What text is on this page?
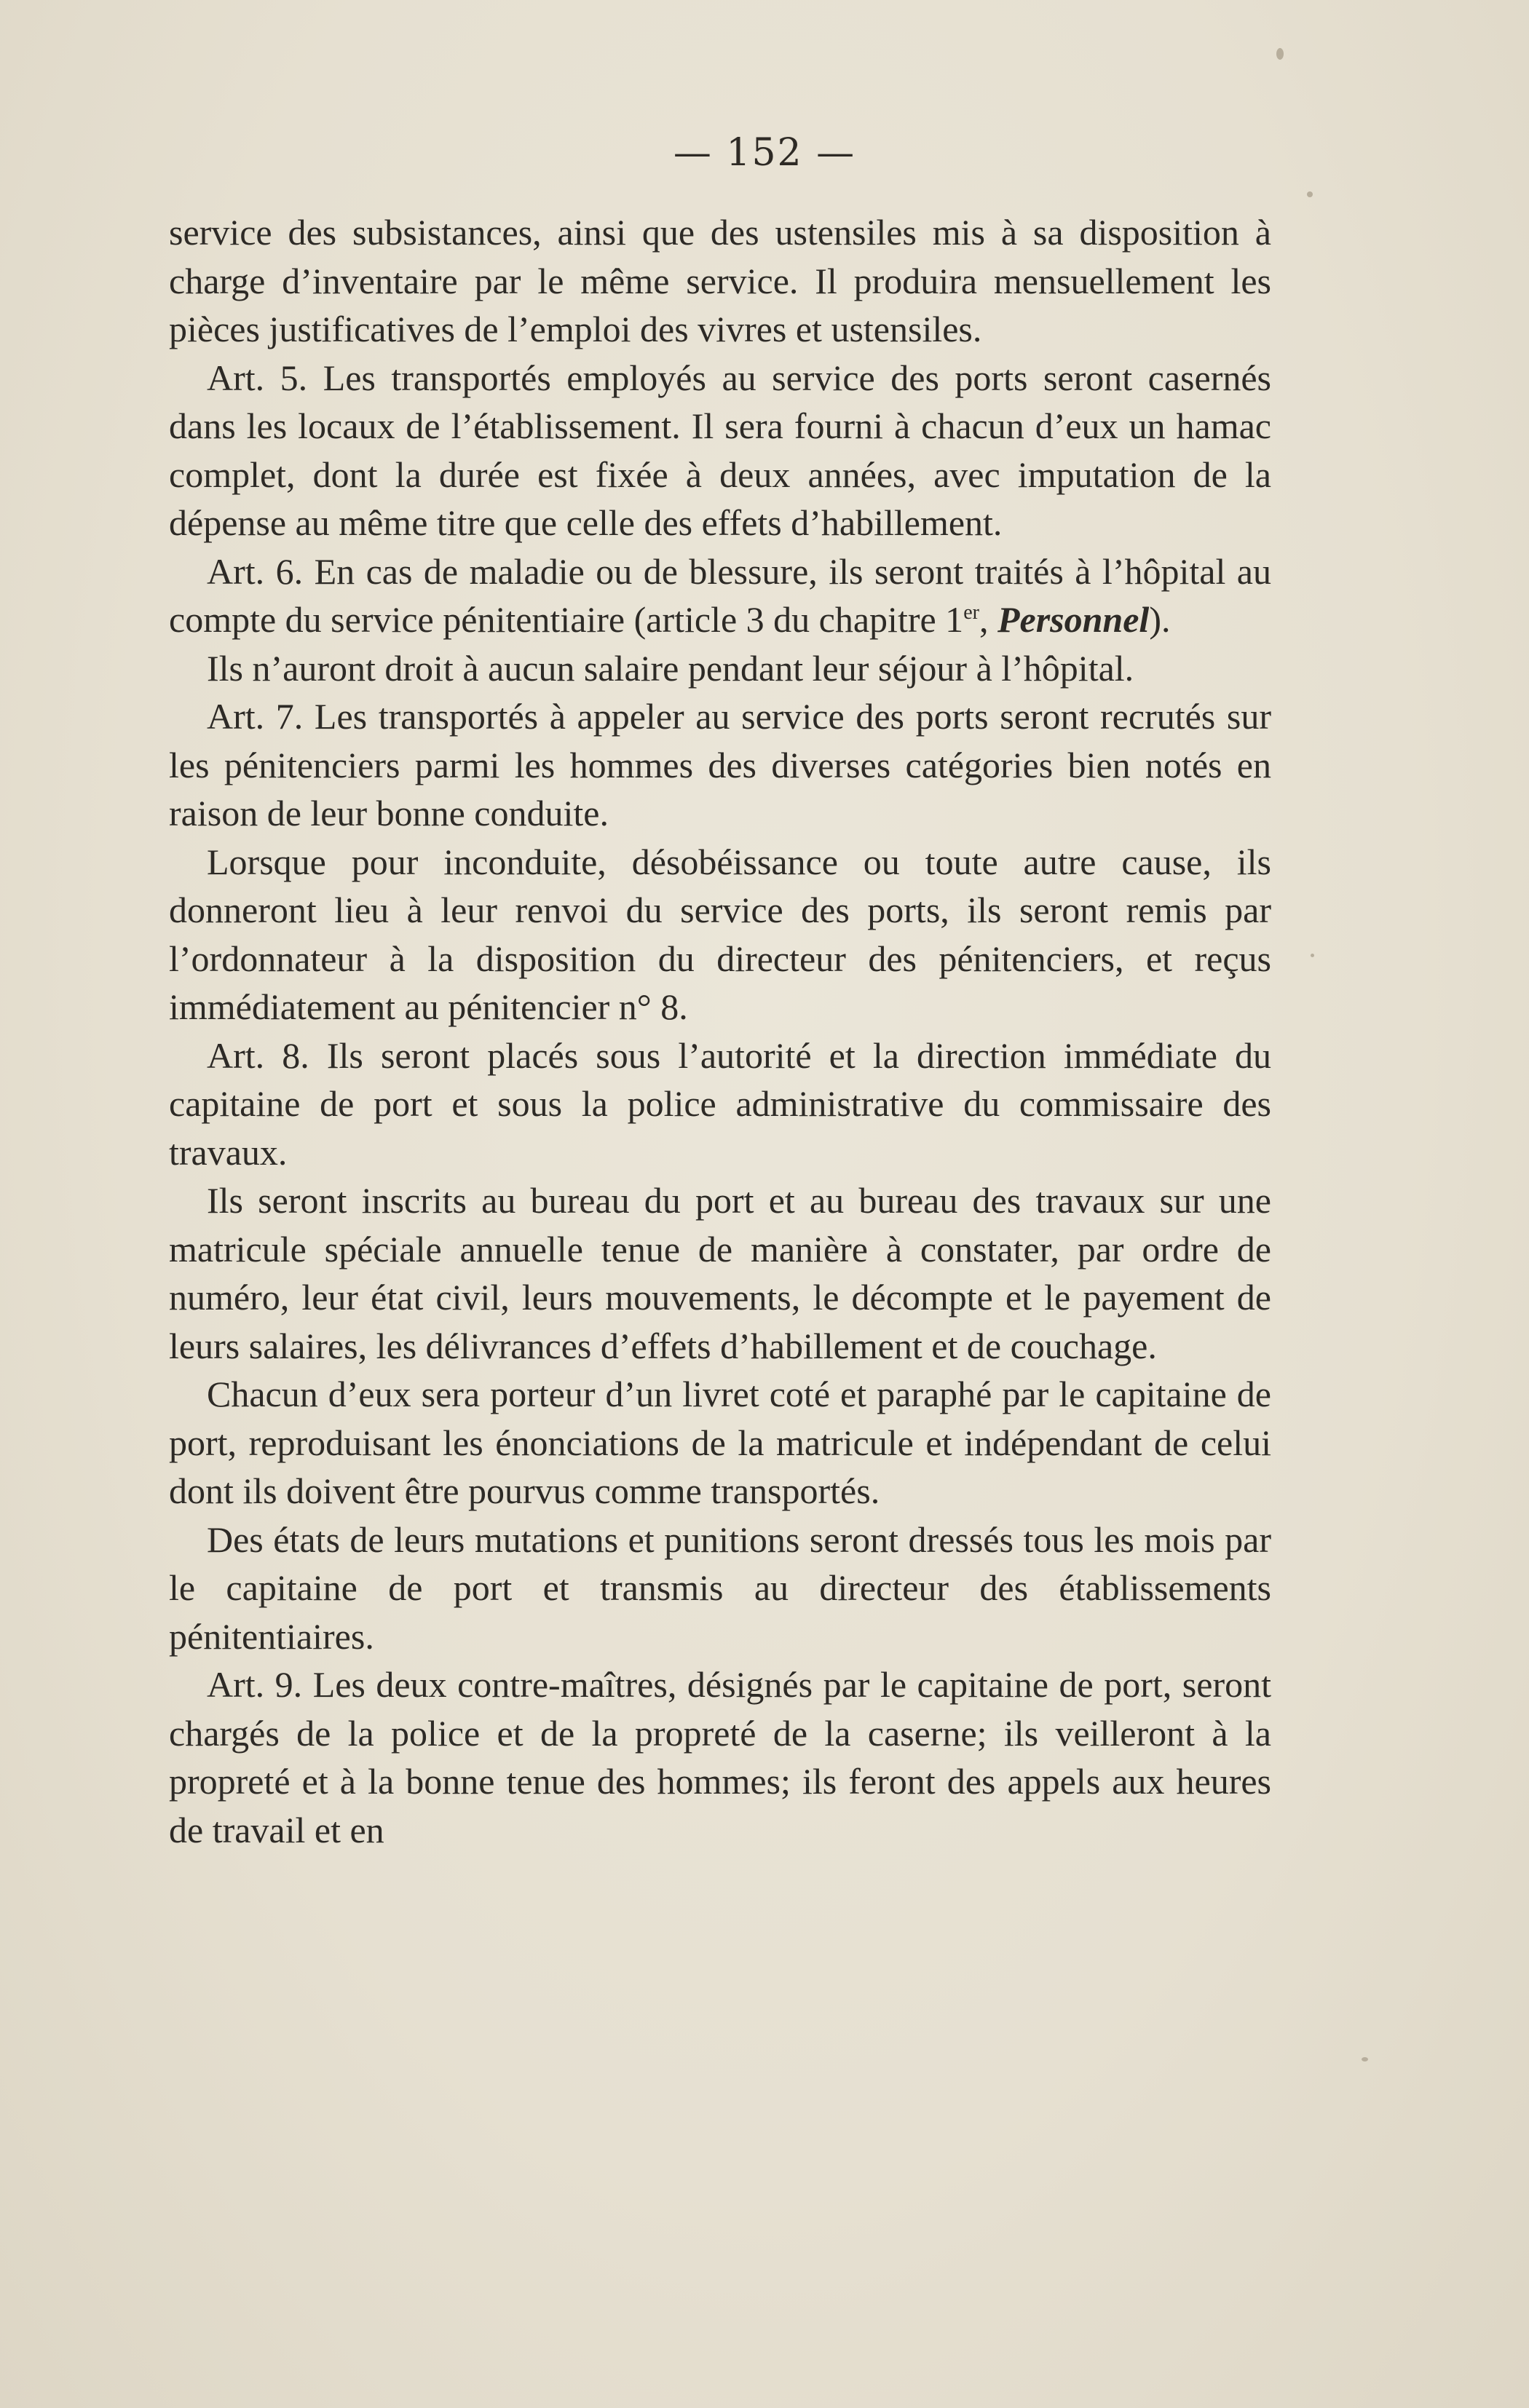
— 152 —

service des subsistances, ainsi que des ustensiles mis à sa disposition à charge d’inventaire par le même service. Il produira mensuellement les pièces justificatives de l’emploi des vivres et ustensiles.

Art. 5. Les transportés employés au service des ports seront casernés dans les locaux de l’établissement. Il sera fourni à chacun d’eux un hamac complet, dont la durée est fixée à deux années, avec imputation de la dépense au même titre que celle des effets d’habillement.

Art. 6. En cas de maladie ou de blessure, ils seront traités à l’hôpital au compte du service pénitentiaire (article 3 du chapitre 1er, Personnel).

Ils n’auront droit à aucun salaire pendant leur séjour à l’hôpital.

Art. 7. Les transportés à appeler au service des ports seront recrutés sur les pénitenciers parmi les hommes des diverses catégories bien notés en raison de leur bonne conduite.

Lorsque pour inconduite, désobéissance ou toute autre cause, ils donneront lieu à leur renvoi du service des ports, ils seront remis par l’ordonnateur à la disposition du directeur des pénitenciers, et reçus immédiatement au pénitencier n° 8.

Art. 8. Ils seront placés sous l’autorité et la direction immédiate du capitaine de port et sous la police administrative du commissaire des travaux.

Ils seront inscrits au bureau du port et au bureau des travaux sur une matricule spéciale annuelle tenue de manière à constater, par ordre de numéro, leur état civil, leurs mouvements, le décompte et le payement de leurs salaires, les délivrances d’effets d’habillement et de couchage.

Chacun d’eux sera porteur d’un livret coté et paraphé par le capitaine de port, reproduisant les énonciations de la matricule et indépendant de celui dont ils doivent être pourvus comme transportés.

Des états de leurs mutations et punitions seront dressés tous les mois par le capitaine de port et transmis au directeur des établissements pénitentiaires.

Art. 9. Les deux contre-maîtres, désignés par le capitaine de port, seront chargés de la police et de la propreté de la caserne; ils veilleront à la propreté et à la bonne tenue des hommes; ils feront des appels aux heures de travail et en
